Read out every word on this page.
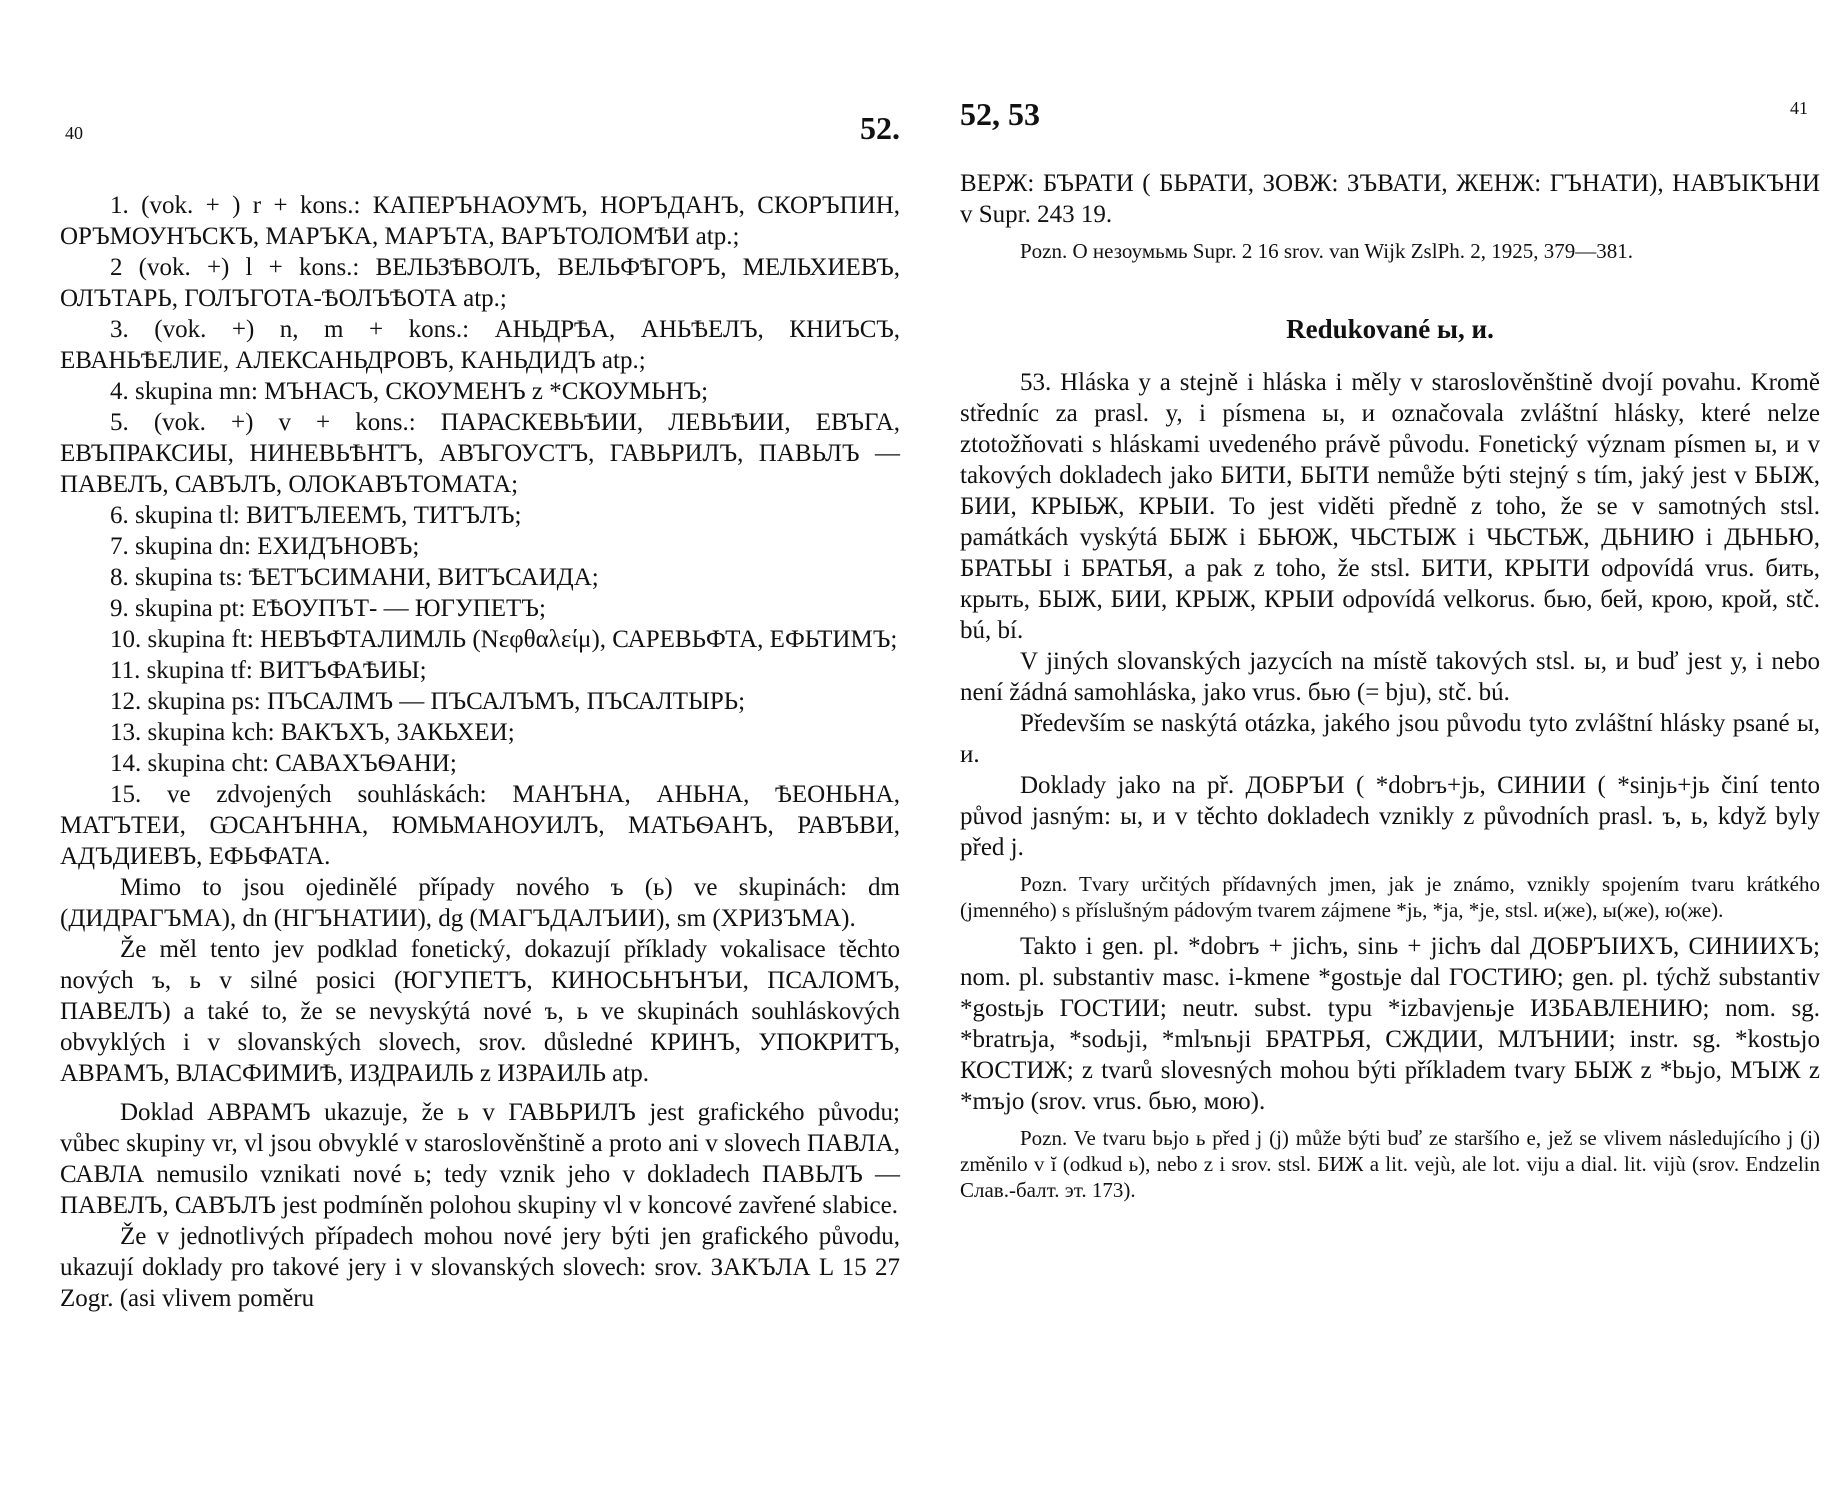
40	52.

1. (vok. + ) r + kons.: КАПЕРЪНАОУМЪ, НОРЪДАНЪ, СКОРЪПИН, ОРЪМОУНЪСКЪ, МАРЪКА, МАРЪТА, ВАРЪТОЛОМѢИ atp.;

2 (vok. +) l + kons.: ВЕЛЬЗѢВОЛЪ, ВЕЛЬФѢГОРЪ, МЕЛЬХИЕВЪ, ОЛЪТАРЬ, ГОЛЪГОТА-ѢОЛЪѢОТА atp.;

3. (vok. +) n, m + kons.: АНЬДРѢА, АНЬѢЕЛЪ, КНИЪСЪ, ЕВАНЬѢЕЛИЕ, АЛЕКСАНЬДРОВЪ, КАНЬДИДЪ atp.;

4. skupina mn: МЪНАСЪ, СКОУМЕНЪ z *СКОУМЬНЪ;

5. (vok. +) v + kons.: ПАРАСКЕВЬѢИИ, ЛЕВЬѢИИ, ЕВЪГА, ЕВЪПРАКСИЫ, НИНЕВЬѢНТЪ, АВЪГОУСТЪ, ГАВЬРИЛЪ, ПАВЬЛЪ — ПАВЕЛЪ, САВЪЛЪ, ОЛОКАВЪТОМАТА;

6. skupina tl: ВИТЪЛЕЕМЪ, ТИТЪЛЪ;

7. skupina dn: ЕХИДЪНОВЪ;

8. skupina ts: ѢЕТЪСИМАНИ, ВИТЪСАИДА;

9. skupina pt: ЕѢОУПЪТ- — ЮГУПЕТЪ;

10. skupina ft: НЕВЪФТАЛИМЛЬ (Νεφθαλείμ), САРЕВЬФТА, ЕФЬТИМЪ;

11. skupina tf: ВИТЪФАѢИЫ;

12. skupina ps: ПЪСАЛМЪ — ПЪСАЛЪМЪ, ПЪСАЛТЫРЬ;

13. skupina kch: ВАКЪХЪ, ЗАКЬХЕИ;

14. skupina cht: САВАХЪѲАНИ;

15. ve zdvojených souhláskách: МАНЪНА, АНЬНА, ѢЕОНЬНА, МАТЪТЕИ, ѠСАНЪННА, ЮМЬМАНОУИЛЪ, МАТЬѲАНЪ, РАВЪВИ, АДЪДИЕВЪ, ЕФЬФАТА.

Mimo to jsou ojedinělé případy nového ъ (ь) ve skupinách: dm (ДИДРАГЪМА), dn (НГЪНАТИИ), dg (МАГЪДАЛЪИИ), sm (ХРИЗЪМА).

Že měl tento jev podklad fonetický, dokazují příklady vokalisace těchto nových ъ, ь v silné posici (ЮГУПЕТЪ, КИНОСЬНЪНЪИ, ПСАЛОМЪ, ПАВЕЛЪ) a také to, že se nevyskýtá nové ъ, ь ve skupinách souhláskových obvyklých i v slovanských slovech, srov. důsledné КРИНЪ, УПОКРИТЪ, АВРАМЪ, ВЛАСФИМИѢ, ИЗДРАИЛЬ z ИЗРАИЛЬ atp.

Doklad АВРАМЪ ukazuje, že ь v ГАВЬРИЛЪ jest grafického původu; vůbec skupiny vr, vl jsou obvyklé v staroslověnštině a proto ani v slovech ПАВЛА, САВЛА nemusilo vznikati nové ь; tedy vznik jeho v dokladech ПАВЬЛЪ — ПАВЕЛЪ, САВЪЛЪ jest podmíněn polohou skupiny vl v koncové zavřené slabice.

Že v jednotlivých případech mohou nové jery býti jen grafického původu, ukazují doklady pro takové jery i v slovanských slovech: srov. ЗАКЪЛА L 15 27 Zogr. (asi vlivem poměru

52, 53	41

ВЕРЖ: БЪРАТИ ( БЬРАТИ, ЗОВЖ: ЗЪВАТИ, ЖЕНЖ: ГЪНАТИ), НАВЪІКЪНИ v Supr. 243 19.

Pozn. O незоумьмь Supr. 2 16 srov. van Wijk ZslPh. 2, 1925, 379—381.

Redukované ы, и.

53. Hláska y a stejně i hláska i měly v staroslověnštině dvojí povahu. Kromě středníc za prasl. y, i písmena ы, и označovala zvláštní hlásky, které nelze ztotožňovati s hláskami uvedeného právě původu. Fonetický význam písmen ы, и v takových dokladech jako БИТИ, БЫТИ nemůže býti stejný s tím, jaký jest v БЬІЖ, БИИ, КРЫЬЖ, КРЫИ. To jest viděti předně z toho, že se v samotných stsl. památkách vyskýtá БЫЖ i БЬЮЖ, ЧЬСТЫЖ i ЧЬСТЬЖ, ДЬНИЮ i ДЬНЬЮ, БРАТЬЫ i БРАТЬЯ, a pak z toho, že stsl. БИТИ, КРЫТИ odpovídá vrus. бить, крыть, БЫЖ, БИИ, КРЫЖ, КРЫИ odpovídá velkorus. бью, бей, крою, крой, stč. bú, bí.

V jiných slovanských jazycích na místě takových stsl. ы, и buď jest y, i nebo není žádná samohláska, jako vrus. бью (= bju), stč. bú.

Především se naskýtá otázka, jakého jsou původu tyto zvláštní hlásky psané ы, и.

Doklady jako na př. ДОБРЪИ ( *dobrъ+jь, СИНИИ ( *sinjь+jь činí tento původ jasným: ы, и v těchto dokladech vznikly z původních prasl. ъ, ь, když byly před j.

Pozn. Tvary určitých přídavných jmen, jak je známo, vznikly spojením tvaru krátkého (jmenného) s příslušným pádovým tvarem zájmene *jь, *ja, *je, stsl. и(же), ы(же), ю(же).

Takto i gen. pl. *dobrъ + jichъ, sinь + jichъ dal ДОБРЪІИХЪ, СИНИИХЪ; nom. pl. substantiv masc. i-kmene *gostьje dal ГОСТИЮ; gen. pl. týchž substantiv *gostьjь ГОСТИИ; neutr. subst. typu *izbavjenьje ИЗБАВЛЕНИЮ; nom. sg. *bratrьja, *sodьji, *mlъnьji БРАТРЬЯ, СЖДИИ, МЛЪНИИ; instr. sg. *kostьjo КОСТИЖ; z tvarů slovesných mohou býti příkladem tvary БЫЖ z *bьjo, МЪІЖ z *mъjo (srov. vrus. бью, мою).

Pozn. Ve tvaru bьjo ь před j (j) může býti buď ze staršího e, jež se vlivem následujícího j (j) změnilo v ĭ (odkud ь), nebo z i srov. stsl. БИЖ a lit. vejù, ale lot. viju a dial. lit. vijù (srov. Endzelin Слав.-балт. эт. 173).
